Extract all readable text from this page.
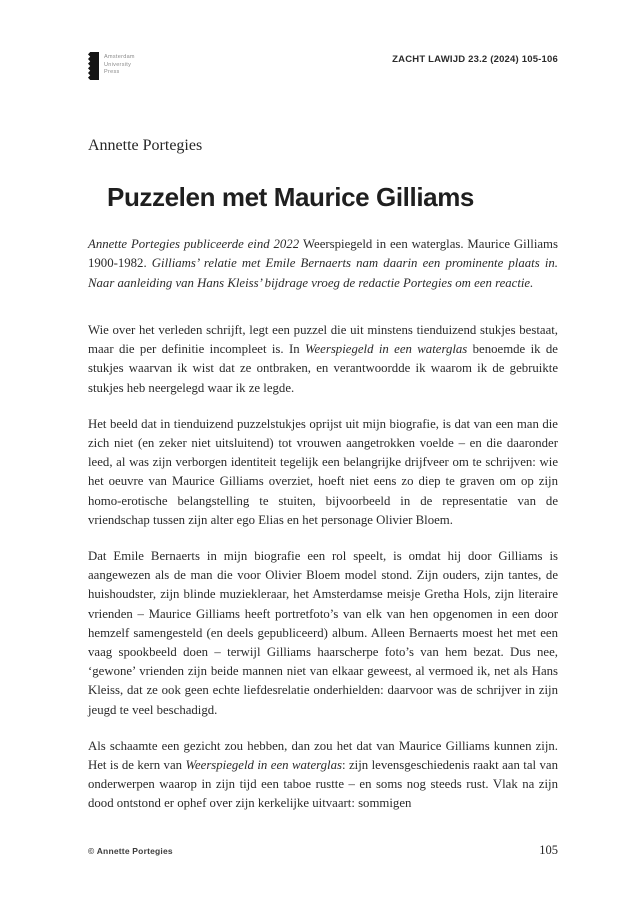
Amsterdam
University
Press
ZACHT LAWIJD 23.2 (2024) 105-106
Annette Portegies
Puzzelen met Maurice Gilliams

Annette Portegies publiceerde eind 2022 Weerspiegeld in een waterglas. Maurice Gilliams 1900-1982. Gilliams’ relatie met Emile Bernaerts nam daarin een prominente plaats in. Naar aanleiding van Hans Kleiss’ bijdrage vroeg de redactie Portegies om een reactie.

Wie over het verleden schrijft, legt een puzzel die uit minstens tienduizend stukjes bestaat, maar die per definitie incompleet is. In Weerspiegeld in een waterglas benoemde ik de stukjes waarvan ik wist dat ze ontbraken, en verantwoordde ik waarom ik de gebruikte stukjes heb neergelegd waar ik ze legde.

Het beeld dat in tienduizend puzzelstukjes oprijst uit mijn biografie, is dat van een man die zich niet (en zeker niet uitsluitend) tot vrouwen aangetrokken voelde – en die daaronder leed, al was zijn verborgen identiteit tegelijk een belangrijke drijfveer om te schrijven: wie het oeuvre van Maurice Gilliams overziet, hoeft niet eens zo diep te graven om op zijn homo-erotische belangstelling te stuiten, bijvoorbeeld in de representatie van de vriendschap tussen zijn alter ego Elias en het personage Olivier Bloem.

Dat Emile Bernaerts in mijn biografie een rol speelt, is omdat hij door Gilliams is aangewezen als de man die voor Olivier Bloem model stond. Zijn ouders, zijn tantes, de huishoudster, zijn blinde muziekleraar, het Amsterdamse meisje Gretha Hols, zijn literaire vrienden – Maurice Gilliams heeft portretfoto’s van elk van hen opgenomen in een door hemzelf samengesteld (en deels gepubliceerd) album. Alleen Bernaerts moest het met een vaag spookbeeld doen – terwijl Gilliams haarscherpe foto’s van hem bezat. Dus nee, ‘gewone’ vrienden zijn beide mannen niet van elkaar geweest, al vermoed ik, net als Hans Kleiss, dat ze ook geen echte liefdesrelatie onderhielden: daarvoor was de schrijver in zijn jeugd te veel beschadigd.

Als schaamte een gezicht zou hebben, dan zou het dat van Maurice Gilliams kunnen zijn. Het is de kern van Weerspiegeld in een waterglas: zijn levensgeschiedenis raakt aan tal van onderwerpen waarop in zijn tijd een taboe rustte – en soms nog steeds rust. Vlak na zijn dood ontstond er ophef over zijn kerkelijke uitvaart: sommigen

© Annette Portegies	105
